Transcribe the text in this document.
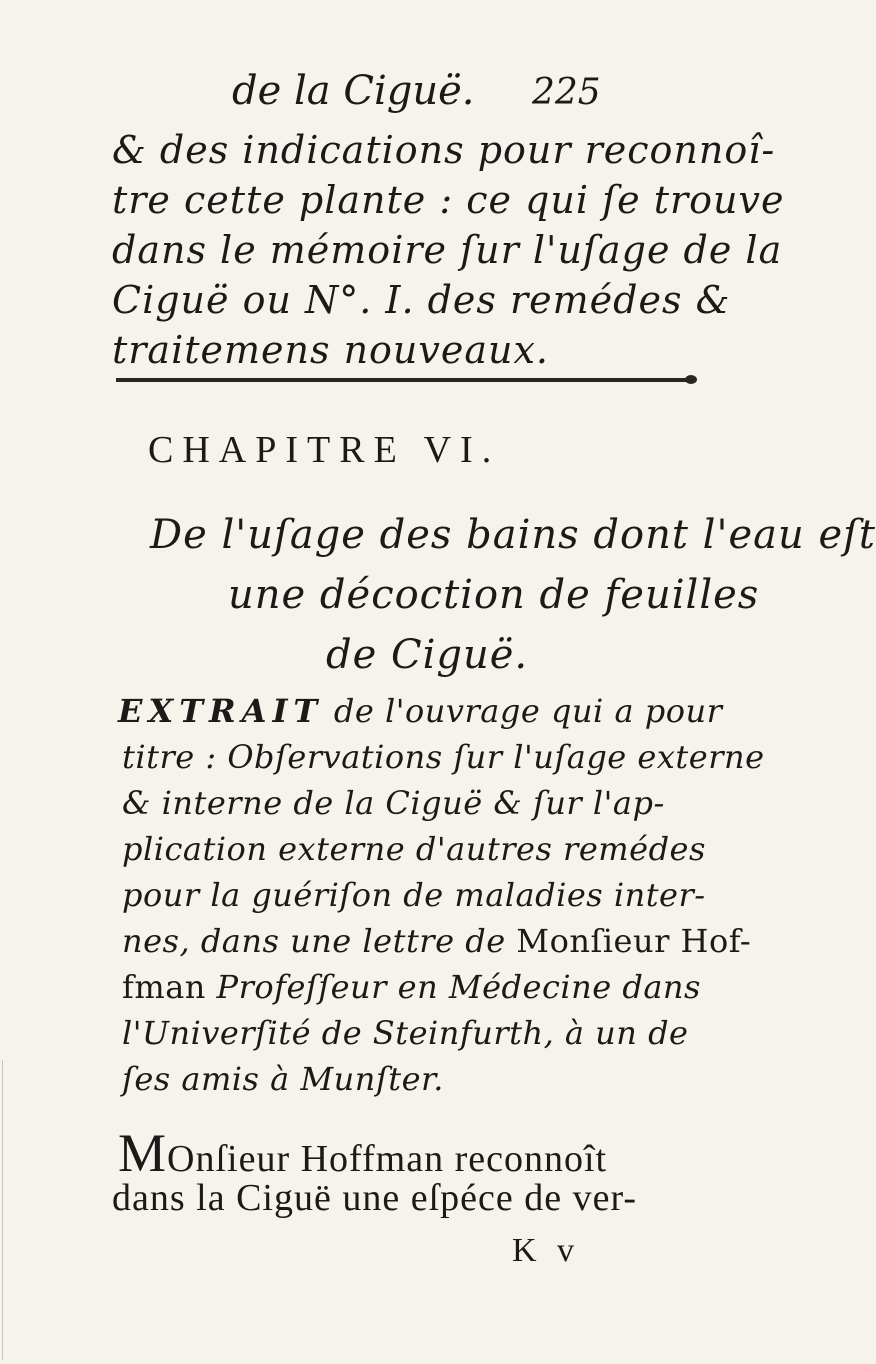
de la Ciguë. 225
& des indications pour reconnoî-
tre cette plante : ce qui ſe trouve
dans le mémoire ſur l'uſage de la
Ciguë ou N°. I. des remédes &
traitemens nouveaux.
CHAPITRE VI.
De l'uſage des bains dont l'eau eſt
une décoction de feuilles
de Ciguë.
EXTRAIT de l'ouvrage qui a pour
titre : Obſervations ſur l'uſage externe
& interne de la Ciguë & ſur l'ap-
plication externe d'autres remédes
pour la guériſon de maladies inter-
nes, dans une lettre de Monſieur Hof-
fman Profeſſeur en Médecine dans
l'Univerſité de Steinfurth, à un de
ſes amis à Munſter.
MOnſieur Hoffman reconnoît
dans la Ciguë une eſpéce de ver-
K v
